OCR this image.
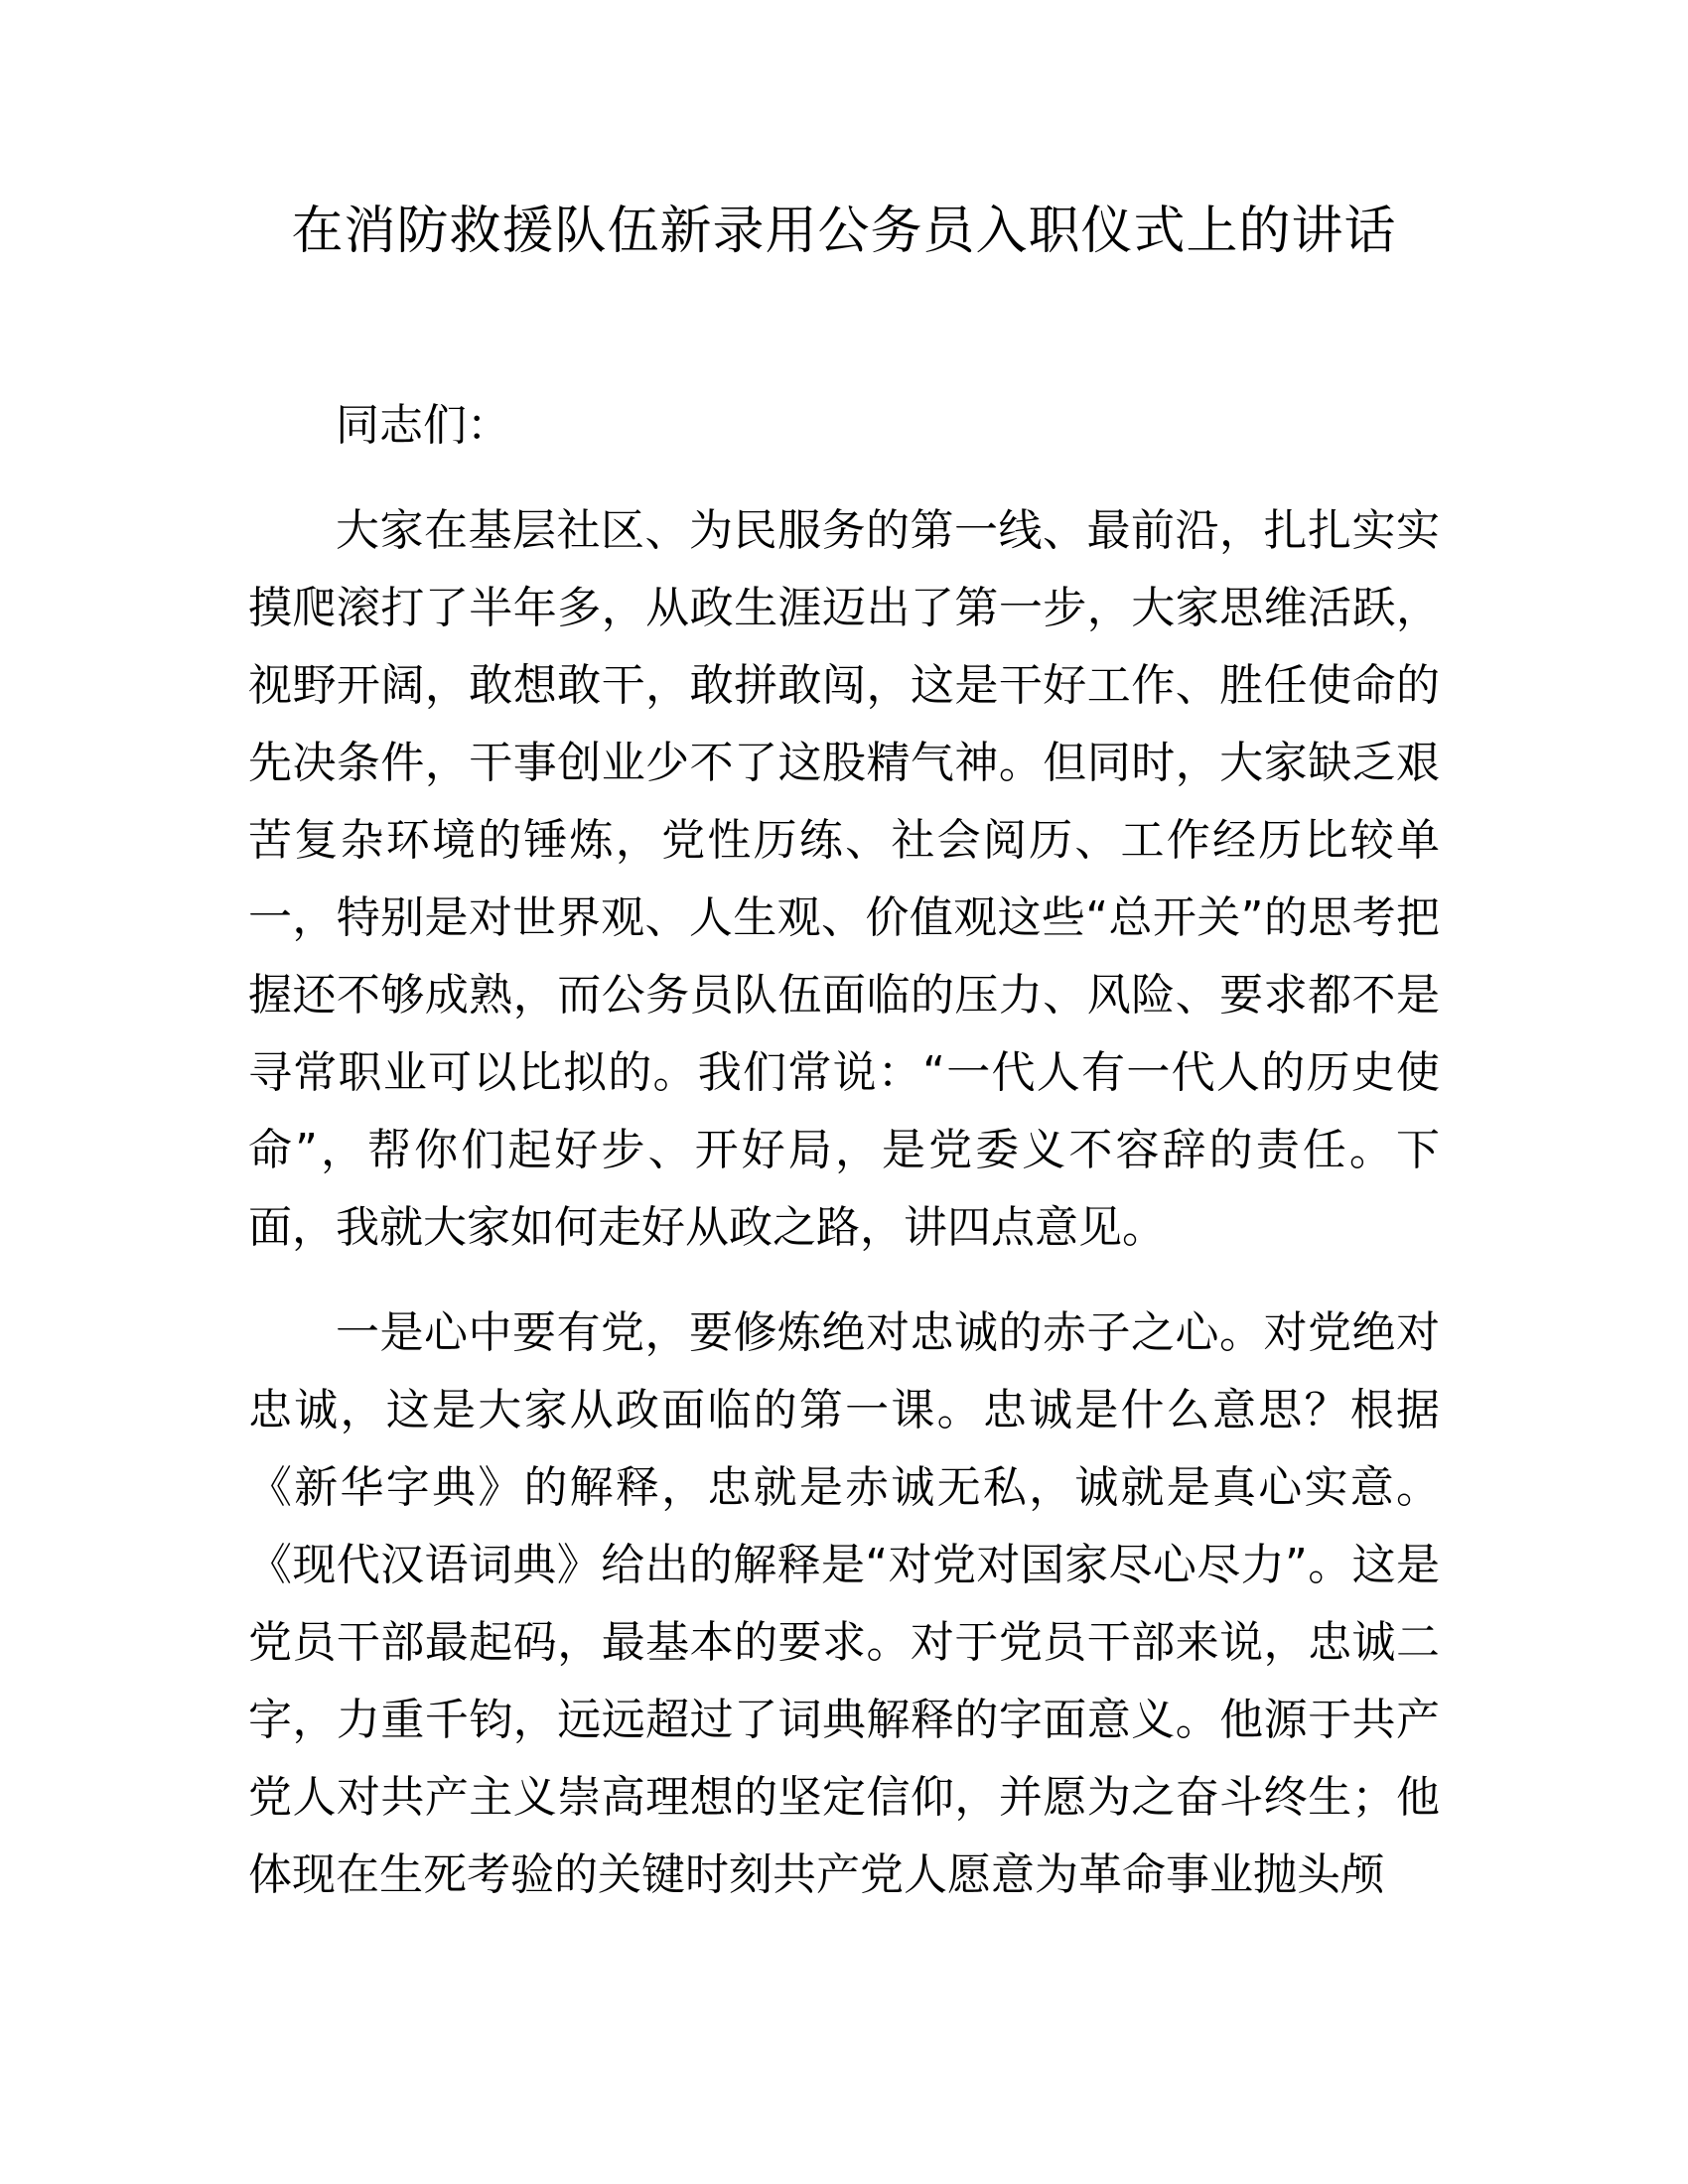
在消防救援队伍新录用公务员入职仪式上的讲话

同志们：

大家在基层社区、为民服务的第一线、最前沿，扎扎实实摸爬滚打了半年多，从政生涯迈出了第一步，大家思维活跃，视野开阔，敢想敢干，敢拼敢闯，这是干好工作、胜任使命的先决条件，干事创业少不了这股精气神。但同时，大家缺乏艰苦复杂环境的锤炼，党性历练、社会阅历、工作经历比较单一，特别是对世界观、人生观、价值观这些“总开关”的思考把握还不够成熟，而公务员队伍面临的压力、风险、要求都不是寻常职业可以比拟的。我们常说：“一代人有一代人的历史使命”，帮你们起好步、开好局，是党委义不容辞的责任。下面，我就大家如何走好从政之路，讲四点意见。

一是心中要有党，要修炼绝对忠诚的赤子之心。对党绝对忠诚，这是大家从政面临的第一课。忠诚是什么意思？根据《新华字典》的解释，忠就是赤诚无私，诚就是真心实意。《现代汉语词典》给出的解释是“对党对国家尽心尽力”。这是党员干部最起码，最基本的要求。对于党员干部来说，忠诚二字，力重千钧，远远超过了词典解释的字面意义。他源于共产党人对共产主义崇高理想的坚定信仰，并愿为之奋斗终生；他体现在生死考验的关键时刻共产党人愿意为革命事业抛头颅
